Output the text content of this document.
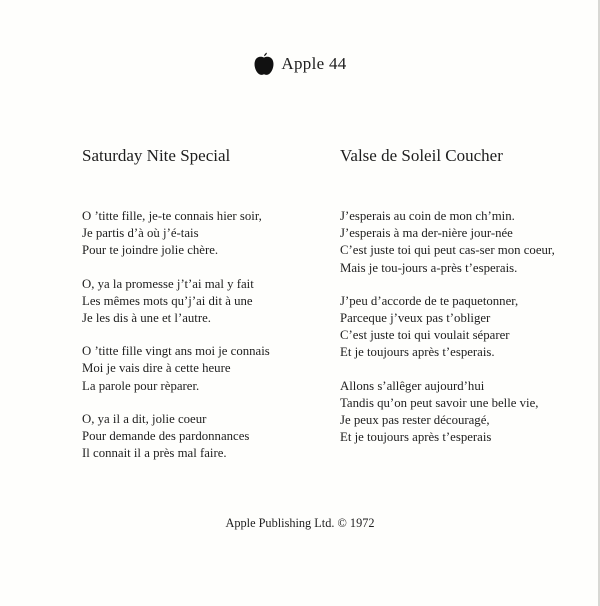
Apple 44
Saturday Nite Special
O ’titte fille, je-te connais hier soir,
Je partis d’à où j’é-tais
Pour te joindre jolie chère.
O, ya la promesse j’t’ai mal y fait
Les mêmes mots qu’j’ai dit à une
Je les dis à une et l’autre.
O ’titte fille vingt ans moi je connais
Moi je vais dire à cette heure
La parole pour rèparer.
O, ya il a dit, jolie coeur
Pour demande des pardonnances
Il connait il a près mal faire.
Valse de Soleil Coucher
J’esperais au coin de mon ch’min.
J’esperais à ma der-nière jour-née
C’est juste toi qui peut cas-ser mon coeur,
Mais je tou-jours a-près t’esperais.
J’peu d’accorde de te paquetonner,
Parceque j’veux pas t’obliger
C’est juste toi qui voulait séparer
Et je toujours après t’esperais.
Allons s’allêger aujourd’hui
Tandis qu’on peut savoir une belle vie,
Je peux pas rester découragé,
Et je toujours après t’esperais
Apple Publishing Ltd. © 1972
